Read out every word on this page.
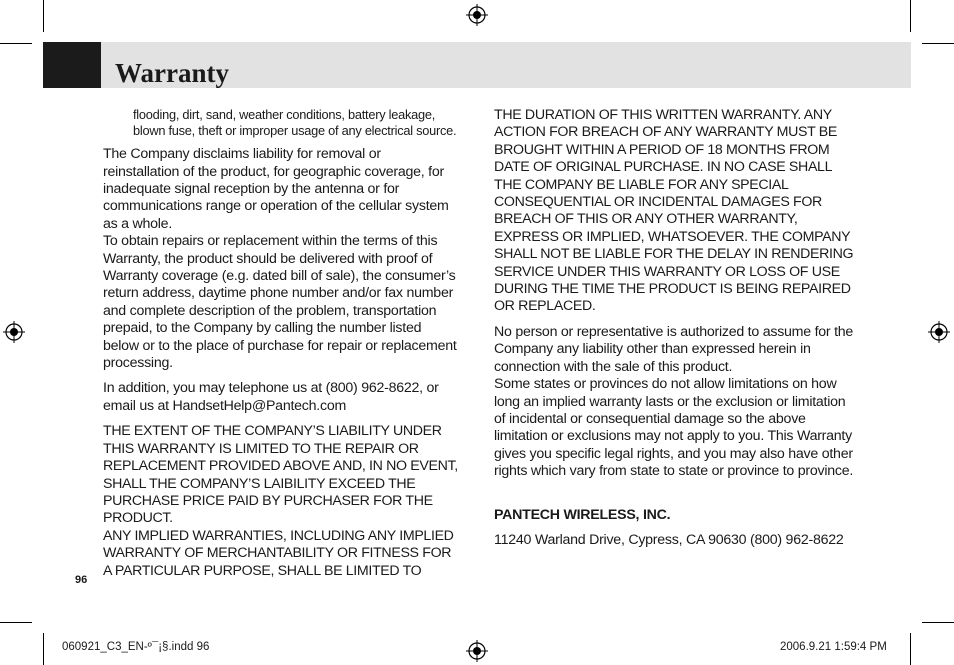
Warranty

flooding, dirt, sand, weather conditions, battery leakage, blown fuse, theft or improper usage of any electrical source.

The Company disclaims liability for removal or reinstallation of the product, for geographic coverage, for inadequate signal reception by the antenna or for communications range or operation of the cellular system as a whole.

To obtain repairs or replacement within the terms of this Warranty, the product should be delivered with proof of Warranty coverage (e.g. dated bill of sale), the consumer’s return address, daytime phone number and/or fax number and complete description of the problem, transportation prepaid, to the Company by calling the number listed below or to the place of purchase for repair or replacement processing.

In addition, you may telephone us at (800) 962-8622, or email us at HandsetHelp@Pantech.com

THE EXTENT OF THE COMPANY’S LIABILITY UNDER THIS WARRANTY IS LIMITED TO THE REPAIR OR REPLACEMENT PROVIDED ABOVE AND, IN NO EVENT, SHALL THE COMPANY’S LAIBILITY EXCEED THE PURCHASE PRICE PAID BY PURCHASER FOR THE PRODUCT.

ANY IMPLIED WARRANTIES, INCLUDING ANY IMPLIED WARRANTY OF MERCHANTABILITY OR FITNESS FOR A PARTICULAR PURPOSE, SHALL BE LIMITED TO

THE DURATION OF THIS WRITTEN WARRANTY. ANY ACTION FOR BREACH OF ANY WARRANTY MUST BE BROUGHT WITHIN A PERIOD OF 18 MONTHS FROM DATE OF ORIGINAL PURCHASE. IN NO CASE SHALL THE COMPANY BE LIABLE FOR ANY SPECIAL CONSEQUENTIAL OR INCIDENTAL DAMAGES FOR BREACH OF THIS OR ANY OTHER WARRANTY, EXPRESS OR IMPLIED, WHATSOEVER. THE COMPANY SHALL NOT BE LIABLE FOR THE DELAY IN RENDERING SERVICE UNDER THIS WARRANTY OR LOSS OF USE DURING THE TIME THE PRODUCT IS BEING REPAIRED OR REPLACED.

No person or representative is authorized to assume for the Company any liability other than expressed herein in connection with the sale of this product.

Some states or provinces do not allow limitations on how long an implied warranty lasts or the exclusion or limitation of incidental or consequential damage so the above limitation or exclusions may not apply to you. This Warranty gives you specific legal rights, and you may also have other rights which vary from state to state or province to province.

PANTECH WIRELESS, INC.

11240 Warland Drive, Cypress, CA 90630 (800) 962-8622

96
060921_C3_EN-º¯¡§.indd 96	2006.9.21 1:59:4 PM
